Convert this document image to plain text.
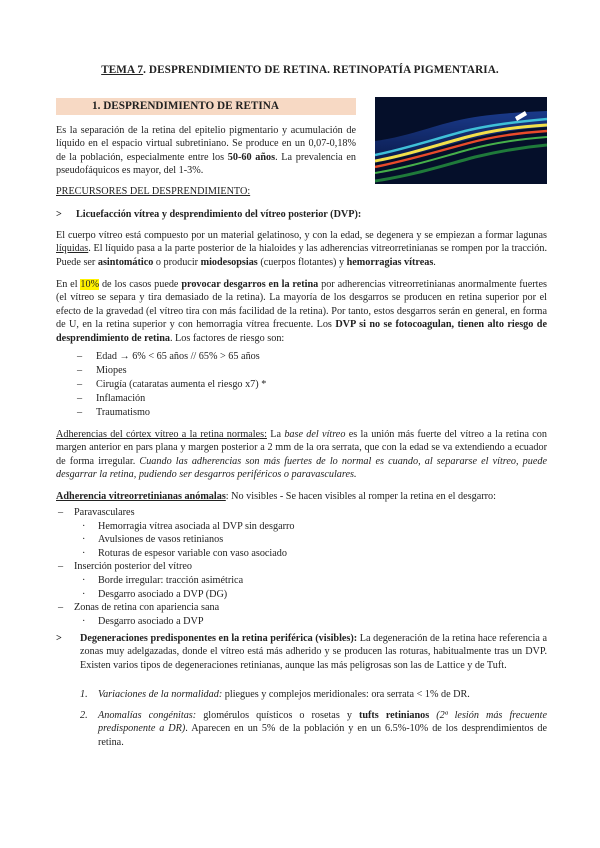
TEMA 7. DESPRENDIMIENTO DE RETINA. RETINOPATÍA PIGMENTARIA.
1. DESPRENDIMIENTO DE RETINA

Es la separación de la retina del epitelio pigmentario y acumulación de líquido en el espacio virtual subretiniano. Se produce en un 0,07-0,18% de la población, especialmente entre los 50-60 años. La prevalencia en pseudofáquicos es mayor, del 1-3%.

PRECURSORES DEL DESPRENDIMIENTO:
> Licuefacción vítrea y desprendimiento del vítreo posterior (DVP):

El cuerpo vítreo está compuesto por un material gelatinoso, y con la edad, se degenera y se empiezan a formar lagunas líquidas. El líquido pasa a la parte posterior de la hialoides y las adherencias vitreorretinianas se rompen por la tracción. Puede ser asintomático o producir miodesopsias (cuerpos flotantes) y hemorragias vítreas.

En el 10% de los casos puede provocar desgarros en la retina por adherencias vitreorretinianas anormalmente fuertes (el vítreo se separa y tira demasiado de la retina). La mayoría de los desgarros se producen en retina superior por el efecto de la gravedad (el vítreo tira con más facilidad de la retina). Por tanto, estos desgarros serán en general, en forma de U, en la retina superior y con hemorragia vítrea frecuente. Los DVP si no se fotocoagulan, tienen alto riesgo de desprendimiento de retina. Los factores de riesgo son:

– Edad → 6% < 65 años // 65% > 65 años
– Miopes
– Cirugía (cataratas aumenta el riesgo x7) *
– Inflamación
– Traumatismo

Adherencias del córtex vítreo a la retina normales: La base del vítreo es la unión más fuerte del vítreo a la retina con margen anterior en pars plana y margen posterior a 2 mm de la ora serrata, que con la edad se va extendiendo a ecuador de forma irregular. Cuando las adherencias son más fuertes de lo normal es cuando, al separarse el vítreo, puede desgarrar la retina, pudiendo ser desgarros periféricos o paravasculares.

Adherencia vitreorretinianas anómalas: No visibles - Se hacen visibles al romper la retina en el desgarro:

– Paravasculares
· Hemorragia vítrea asociada al DVP sin desgarro
· Avulsiones de vasos retinianos
· Roturas de espesor variable con vaso asociado
– Inserción posterior del vítreo
· Borde irregular: tracción asimétrica
· Desgarro asociado a DVP (DG)
– Zonas de retina con apariencia sana
· Desgarro asociado a DVP
> Degeneraciones predisponentes en la retina periférica (visibles): La degeneración de la retina hace referencia a zonas muy adelgazadas, donde el vítreo está más adherido y se producen las roturas, habitualmente tras un DVP. Existen varios tipos de degeneraciones retinianas, aunque las más peligrosas son las de Lattice y de Tuft.

1. Variaciones de la normalidad: pliegues y complejos meridionales: ora serrata < 1% de DR.

2. Anomalías congénitas: glomérulos quísticos o rosetas y tufts retinianos (2ª lesión más frecuente predisponente a DR). Aparecen en un 5% de la población y en un 6.5%-10% de los desprendimientos de retina.
